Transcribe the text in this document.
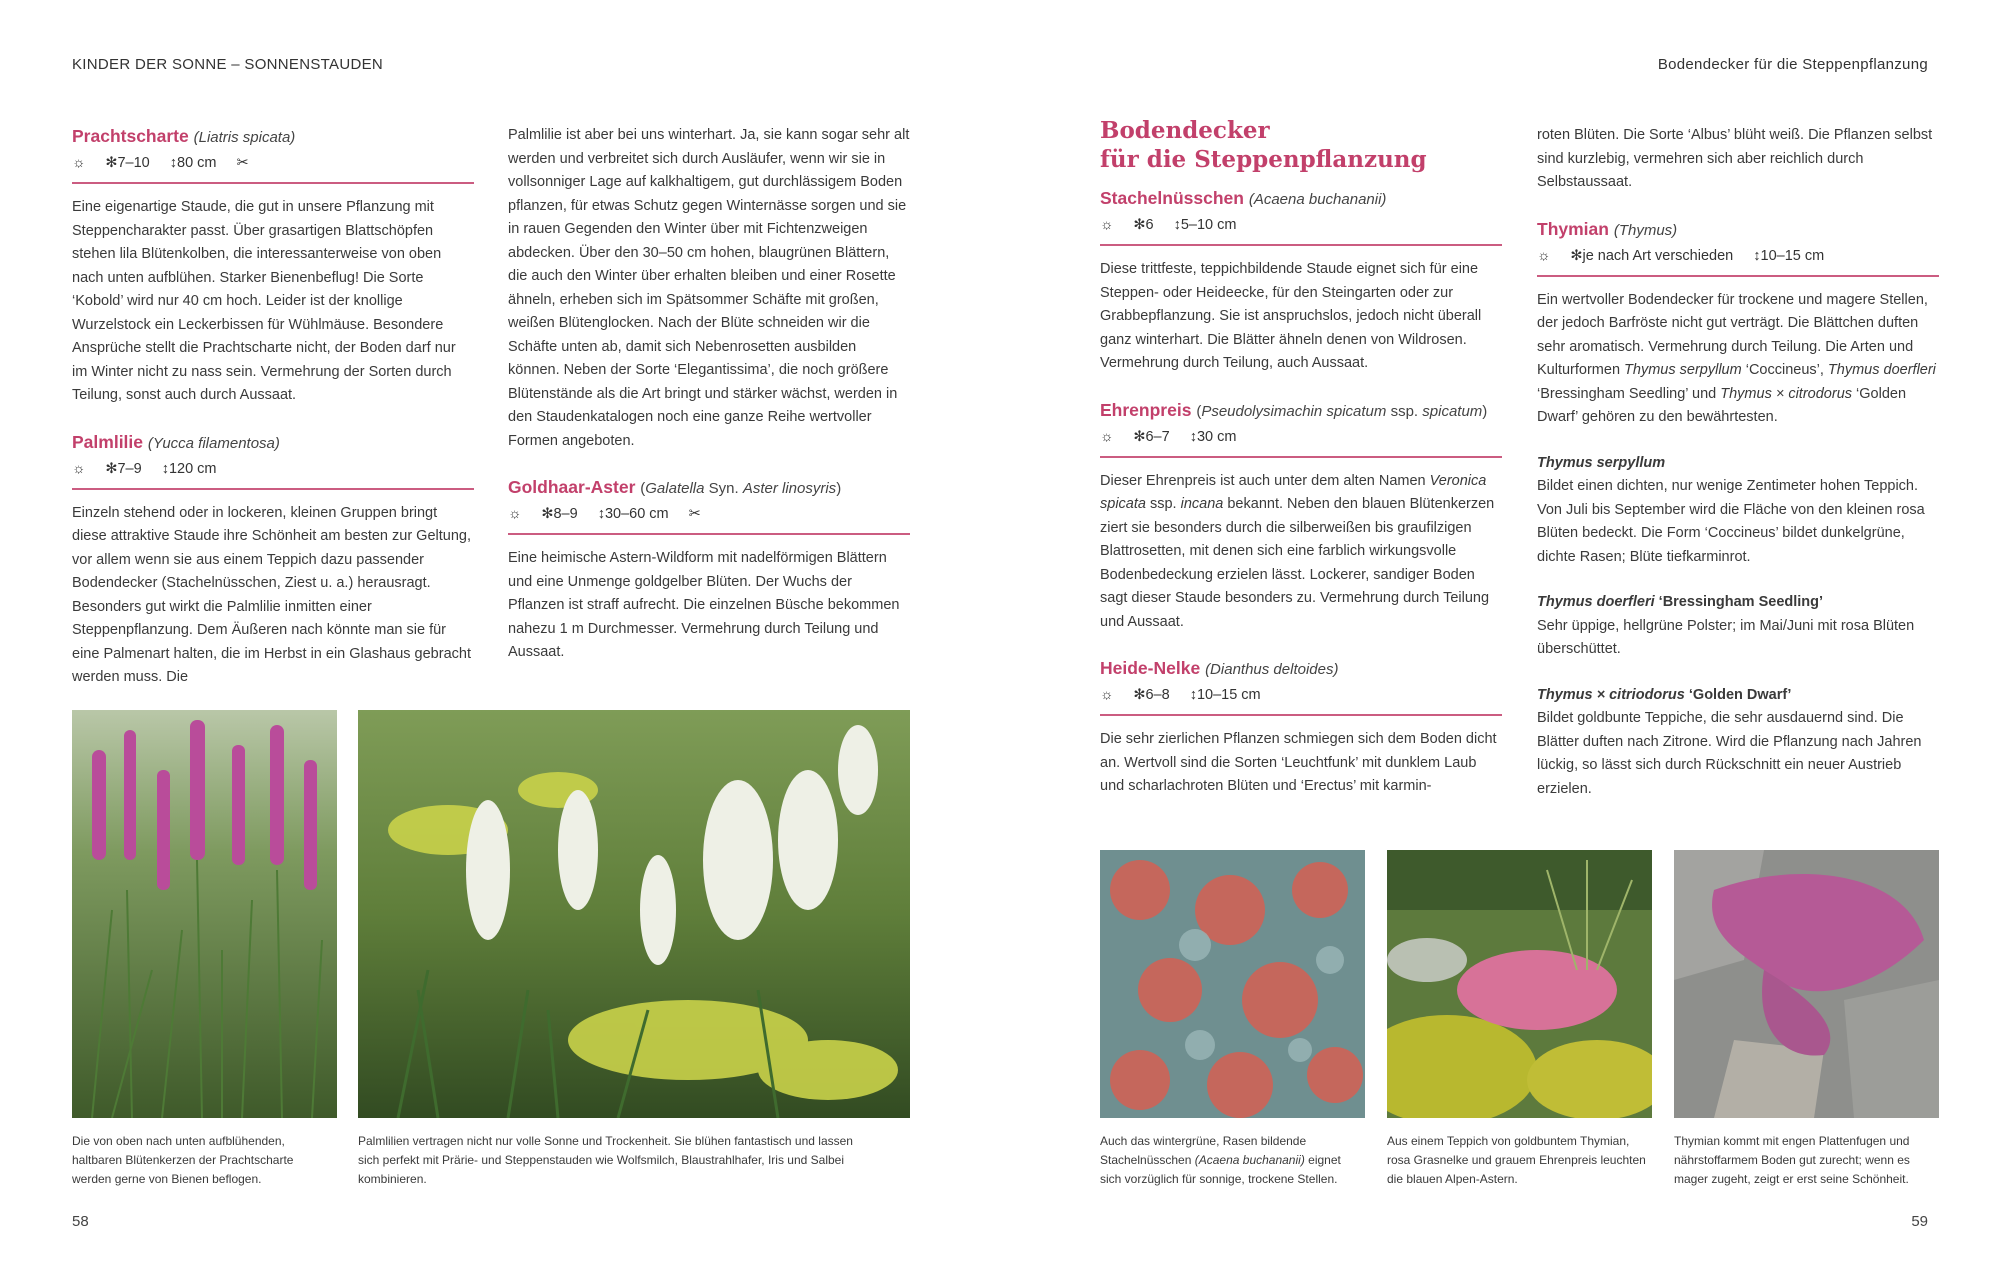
KINDER DER SONNE – SONNENSTAUDEN	Bodendecker für die Steppenpflanzung

Prachtscharte (Liatris spicata)

☼ ✻7–10 ↕80 cm ✂

Eine eigenartige Staude, die gut in unsere Pflanzung mit Steppencharakter passt. Über grasartigen Blattschöpfen stehen lila Blütenkolben, die interessanterweise von oben nach unten aufblühen. Starker Bienenbeflug! Die Sorte ‘Kobold’ wird nur 40 cm hoch. Leider ist der knollige Wurzelstock ein Leckerbissen für Wühlmäuse. Besondere Ansprüche stellt die Prachtscharte nicht, der Boden darf nur im Winter nicht zu nass sein. Vermehrung der Sorten durch Teilung, sonst auch durch Aussaat.

Palmlilie (Yucca filamentosa)

☼ ✻7–9 ↕120 cm

Einzeln stehend oder in lockeren, kleinen Gruppen bringt diese attraktive Staude ihre Schönheit am besten zur Geltung, vor allem wenn sie aus einem Teppich dazu passender Bodendecker (Stachelnüsschen, Ziest u. a.) herausragt. Besonders gut wirkt die Palmlilie inmitten einer Steppenpflanzung. Dem Äußeren nach könnte man sie für eine Palmenart halten, die im Herbst in ein Glashaus gebracht werden muss. Die

Palmlilie ist aber bei uns winterhart. Ja, sie kann sogar sehr alt werden und verbreitet sich durch Ausläufer, wenn wir sie in vollsonniger Lage auf kalkhaltigem, gut durchlässigem Boden pflanzen, für etwas Schutz gegen Winternässe sorgen und sie in rauen Gegenden den Winter über mit Fichtenzweigen abdecken. Über den 30–50 cm hohen, blaugrünen Blättern, die auch den Winter über erhalten bleiben und einer Rosette ähneln, erheben sich im Spätsommer Schäfte mit großen, weißen Blütenglocken. Nach der Blüte schneiden wir die Schäfte unten ab, damit sich Nebenrosetten ausbilden können. Neben der Sorte ‘Elegantissima’, die noch größere Blütenstände als die Art bringt und stärker wächst, werden in den Staudenkatalogen noch eine ganze Reihe wertvoller Formen angeboten.

Goldhaar-Aster (Galatella Syn. Aster linosyris)

☼ ✻8–9 ↕30–60 cm ✂

Eine heimische Astern-Wildform mit nadelförmigen Blättern und eine Unmenge goldgelber Blüten. Der Wuchs der Pflanzen ist straff aufrecht. Die einzelnen Büsche bekommen nahezu 1 m Durchmesser. Vermehrung durch Teilung und Aussaat.

Die von oben nach unten aufblühenden, haltbaren Blütenkerzen der Prachtscharte werden gerne von Bienen beflogen.
Palmlilien vertragen nicht nur volle Sonne und Trockenheit. Sie blühen fantastisch und lassen sich perfekt mit Prärie- und Steppenstauden wie Wolfsmilch, Blaustrahlhafer, Iris und Salbei kombinieren.

Bodendecker
für die Steppenpflanzung

Stachelnüsschen (Acaena buchananii)

☼ ✻6 ↕5–10 cm

Diese trittfeste, teppichbildende Staude eignet sich für eine Steppen- oder Heideecke, für den Steingarten oder zur Grabbepflanzung. Sie ist anspruchslos, jedoch nicht überall ganz winterhart. Die Blätter ähneln denen von Wildrosen. Vermehrung durch Teilung, auch Aussaat.

Ehrenpreis (Pseudolysimachin spicatum ssp. spicatum)

☼ ✻6–7 ↕30 cm

Dieser Ehrenpreis ist auch unter dem alten Namen Veronica spicata ssp. incana bekannt. Neben den blauen Blütenkerzen ziert sie besonders durch die silberweißen bis graufilzigen Blattrosetten, mit denen sich eine farblich wirkungsvolle Bodenbedeckung erzielen lässt. Lockerer, sandiger Boden sagt dieser Staude besonders zu. Vermehrung durch Teilung und Aussaat.

Heide-Nelke (Dianthus deltoides)

☼ ✻6–8 ↕10–15 cm

Die sehr zierlichen Pflanzen schmiegen sich dem Boden dicht an. Wertvoll sind die Sorten ‘Leuchtfunk’ mit dunklem Laub und scharlachroten Blüten und ‘Erectus’ mit karmin-

roten Blüten. Die Sorte ‘Albus’ blüht weiß. Die Pflanzen selbst sind kurzlebig, vermehren sich aber reichlich durch Selbstaussaat.

Thymian (Thymus)

☼ ✻je nach Art verschieden ↕10–15 cm

Ein wertvoller Bodendecker für trockene und magere Stellen, der jedoch Barfröste nicht gut verträgt. Die Blättchen duften sehr aromatisch. Vermehrung durch Teilung. Die Arten und Kulturformen Thymus serpyllum ‘Coccineus’, Thymus doerfleri ‘Bressingham Seedling’ und Thymus × citrodorus ‘Golden Dwarf’ gehören zu den bewährtesten.

Thymus serpyllum

Bildet einen dichten, nur wenige Zentimeter hohen Teppich. Von Juli bis September wird die Fläche von den kleinen rosa Blüten bedeckt. Die Form ‘Coccineus’ bildet dunkelgrüne, dichte Rasen; Blüte tiefkarminrot.

Thymus doerfleri ‘Bressingham Seedling’

Sehr üppige, hellgrüne Polster; im Mai/Juni mit rosa Blüten überschüttet.

Thymus × citriodorus ‘Golden Dwarf’

Bildet goldbunte Teppiche, die sehr ausdauernd sind. Die Blätter duften nach Zitrone. Wird die Pflanzung nach Jahren lückig, so lässt sich durch Rückschnitt ein neuer Austrieb erzielen.

Auch das wintergrüne, Rasen bildende Stachelnüsschen (Acaena buchananii) eignet sich vorzüglich für sonnige, trockene Stellen.
Aus einem Teppich von goldbuntem Thymian, rosa Grasnelke und grauem Ehrenpreis leuchten die blauen Alpen-Astern.
Thymian kommt mit engen Plattenfugen und nährstoffarmem Boden gut zurecht; wenn es mager zugeht, zeigt er erst seine Schönheit.
58	59
